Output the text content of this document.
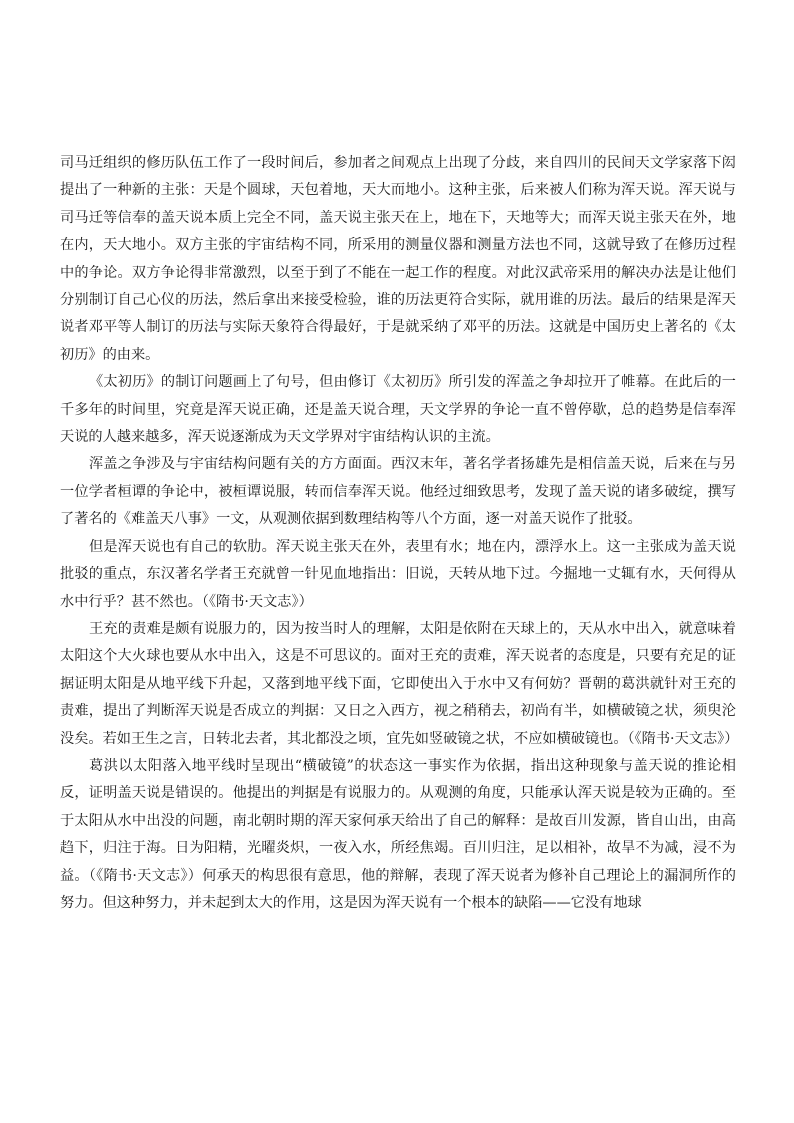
司马迁组织的修历队伍工作了一段时间后，参加者之间观点上出现了分歧，来自四川的民间天文学家落下闳提出了一种新的主张：天是个圆球，天包着地，天大而地小。这种主张，后来被人们称为浑天说。浑天说与司马迁等信奉的盖天说本质上完全不同，盖天说主张天在上，地在下，天地等大；而浑天说主张天在外，地在内，天大地小。双方主张的宇宙结构不同，所采用的测量仪器和测量方法也不同，这就导致了在修历过程中的争论。双方争论得非常激烈，以至于到了不能在一起工作的程度。对此汉武帝采用的解决办法是让他们分别制订自己心仪的历法，然后拿出来接受检验，谁的历法更符合实际，就用谁的历法。最后的结果是浑天说者邓平等人制订的历法与实际天象符合得最好，于是就采纳了邓平的历法。这就是中国历史上著名的《太初历》的由来。

《太初历》的制订问题画上了句号，但由修订《太初历》所引发的浑盖之争却拉开了帷幕。在此后的一千多年的时间里，究竟是浑天说正确，还是盖天说合理，天文学界的争论一直不曾停歇，总的趋势是信奉浑天说的人越来越多，浑天说逐渐成为天文学界对宇宙结构认识的主流。

浑盖之争涉及与宇宙结构问题有关的方方面面。西汉末年，著名学者扬雄先是相信盖天说，后来在与另一位学者桓谭的争论中，被桓谭说服，转而信奉浑天说。他经过细致思考，发现了盖天说的诸多破绽，撰写了著名的《难盖天八事》一文，从观测依据到数理结构等八个方面，逐一对盖天说作了批驳。

但是浑天说也有自己的软肋。浑天说主张天在外，表里有水；地在内，漂浮水上。这一主张成为盖天说批驳的重点，东汉著名学者王充就曾一针见血地指出：旧说，天转从地下过。今掘地一丈辄有水，天何得从水中行乎？甚不然也。（《隋书·天文志》）

王充的责难是颇有说服力的，因为按当时人的理解，太阳是依附在天球上的，天从水中出入，就意味着太阳这个大火球也要从水中出入，这是不可思议的。面对王充的责难，浑天说者的态度是，只要有充足的证据证明太阳是从地平线下升起，又落到地平线下面，它即使出入于水中又有何妨？晋朝的葛洪就针对王充的责难，提出了判断浑天说是否成立的判据：又日之入西方，视之稍稍去，初尚有半，如横破镜之状，须臾沦没矣。若如王生之言，日转北去者，其北都没之顷，宜先如竖破镜之状，不应如横破镜也。（《隋书·天文志》）

葛洪以太阳落入地平线时呈现出“横破镜”的状态这一事实作为依据，指出这种现象与盖天说的推论相反，证明盖天说是错误的。他提出的判据是有说服力的。从观测的角度，只能承认浑天说是较为正确的。至于太阳从水中出没的问题，南北朝时期的浑天家何承天给出了自己的解释：是故百川发源，皆自山出，由高趋下，归注于海。日为阳精，光曜炎炽，一夜入水，所经焦竭。百川归注，足以相补，故旱不为减，浸不为益。（《隋书·天文志》）何承天的构思很有意思，他的辩解，表现了浑天说者为修补自己理论上的漏洞所作的努力。但这种努力，并未起到太大的作用，这是因为浑天说有一个根本的缺陷——它没有地球
